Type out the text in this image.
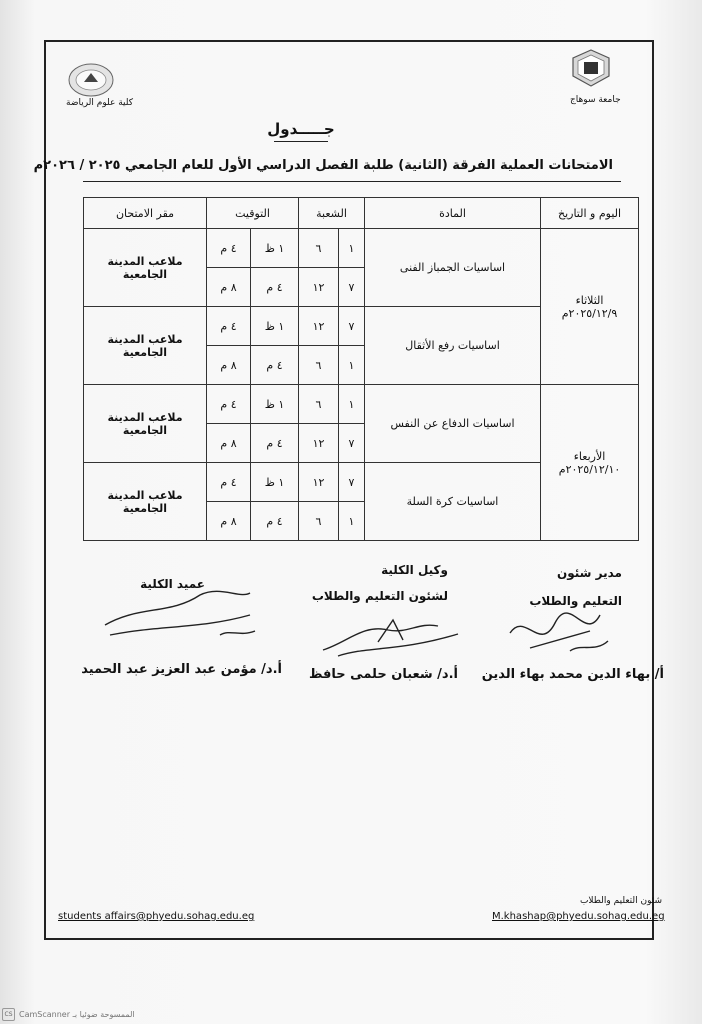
جامعة سوهاج
كلية علوم الرياضة
جـــــدول
الامتحانات العملية الفرقة (الثانية) طلبة الفصل الدراسي الأول للعام الجامعي ٢٠٢٥ / ٢٠٢٦م
اليوم و التاريخ	المادة	الشعبة		التوقيت		مقر الامتحان

الثلاثاء
٢٠٢٥/١٢/٩م	اساسيات الجمباز الفنى	١	٦	١ ظ	٤ م	ملاعب المدينة الجامعية
		٧	١٢	٤ م	٨ م	
	اساسيات رفع الأثقال	٧	١٢	١ ظ	٤ م	ملاعب المدينة الجامعية
		١	٦	٤ م	٨ م	

الأربعاء
٢٠٢٥/١٢/١٠م	اساسيات الدفاع عن النفس	١	٦	١ ظ	٤ م	ملاعب المدينة الجامعية
		٧	١٢	٤ م	٨ م	
	اساسيات كرة السلة	٧	١٢	١ ظ	٤ م	ملاعب المدينة الجامعية
		١	٦	٤ م	٨ م	
مدير شئون
التعليم والطلاب
أ/ بهاء الدين محمد بهاء الدين
وكيل الكلية
لشئون التعليم والطلاب
أ.د/ شعبان حلمى حافظ
عميد الكلية
أ.د/ مؤمن عبد العزيز عبد الحميد
شئون التعليم والطلاب
M.khashap@phyedu.sohag.edu.eg
students affairs@phyedu.sohag.edu.eg
CS CamScanner الممسوحة ضوئيا بـ
